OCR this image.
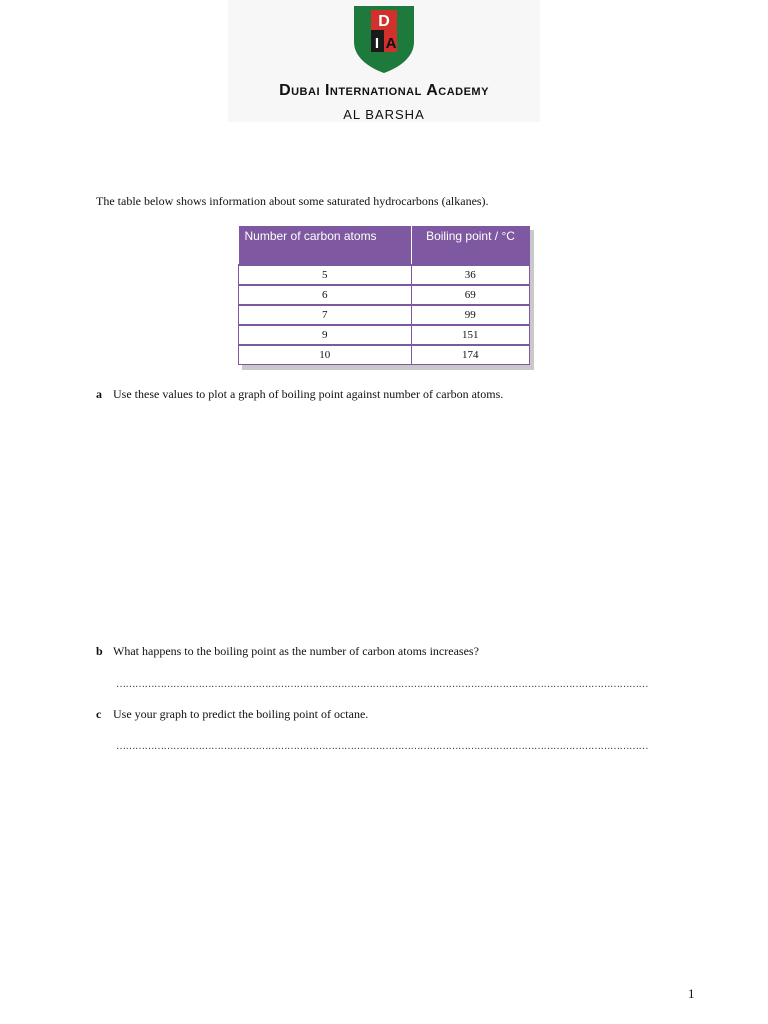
D
I A
Dubai International Academy
AL BARSHA
The table below shows information about some saturated hydrocarbons (alkanes).
Number of carbon atoms	Boiling point / °C
5	36
6	69
7	99
9	151
10	174
a Use these values to plot a graph of boiling point against number of carbon atoms.
b What happens to the boiling point as the number of carbon atoms increases?
……………………………………………………………………………………………………………………………………………………
c Use your graph to predict the boiling point of octane.
……………………………………………………………………………………………………………………………………………………
1
